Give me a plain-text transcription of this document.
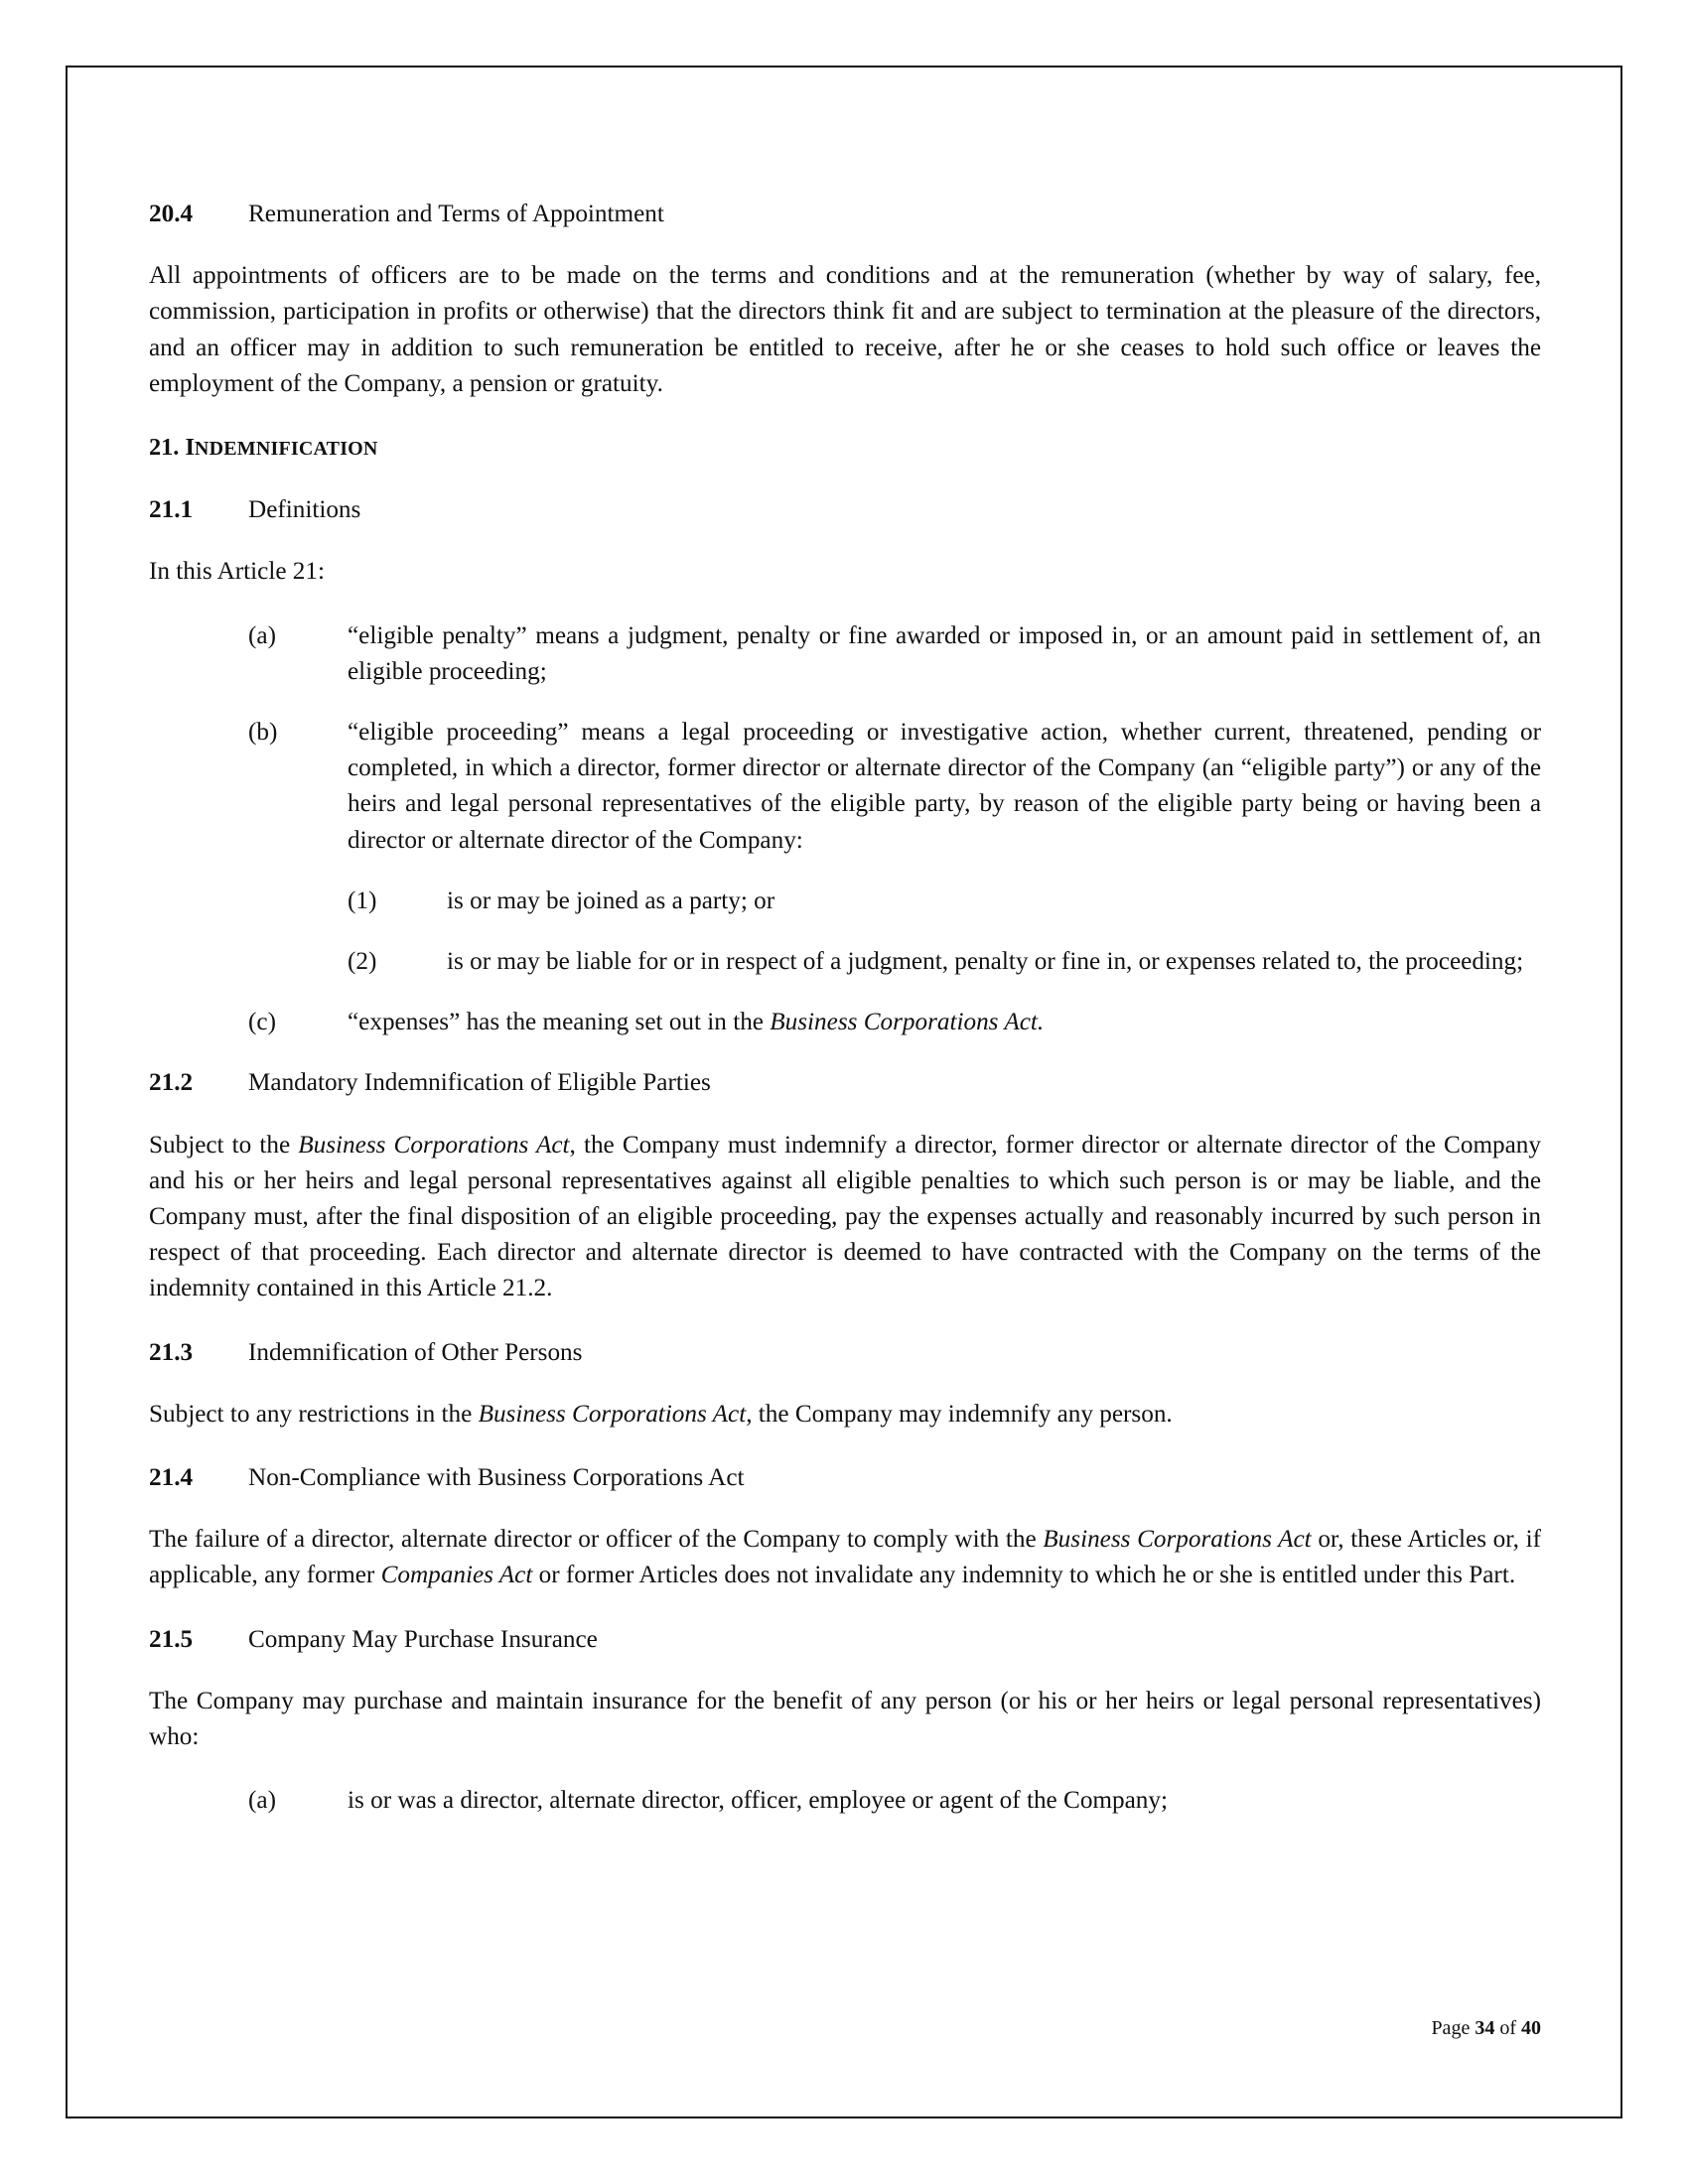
20.4 Remuneration and Terms of Appointment

All appointments of officers are to be made on the terms and conditions and at the remuneration (whether by way of salary, fee, commission, participation in profits or otherwise) that the directors think fit and are subject to termination at the pleasure of the directors, and an officer may in addition to such remuneration be entitled to receive, after he or she ceases to hold such office or leaves the employment of the Company, a pension or gratuity.

21. INDEMNIFICATION
21.1 Definitions

In this Article 21:

(a)	“eligible penalty” means a judgment, penalty or fine awarded or imposed in, or an amount paid in settlement of, an eligible proceeding;
(b)	“eligible proceeding” means a legal proceeding or investigative action, whether current, threatened, pending or completed, in which a director, former director or alternate director of the Company (an “eligible party”) or any of the heirs and legal personal representatives of the eligible party, by reason of the eligible party being or having been a director or alternate director of the Company:
(1)	is or may be joined as a party; or
(2)	is or may be liable for or in respect of a judgment, penalty or fine in, or expenses related to, the proceeding;
(c)	“expenses” has the meaning set out in the Business Corporations Act.
21.2 Mandatory Indemnification of Eligible Parties

Subject to the Business Corporations Act, the Company must indemnify a director, former director or alternate director of the Company and his or her heirs and legal personal representatives against all eligible penalties to which such person is or may be liable, and the Company must, after the final disposition of an eligible proceeding, pay the expenses actually and reasonably incurred by such person in respect of that proceeding. Each director and alternate director is deemed to have contracted with the Company on the terms of the indemnity contained in this Article 21.2.

21.3 Indemnification of Other Persons

Subject to any restrictions in the Business Corporations Act, the Company may indemnify any person.

21.4 Non-Compliance with Business Corporations Act

The failure of a director, alternate director or officer of the Company to comply with the Business Corporations Act or, these Articles or, if applicable, any former Companies Act or former Articles does not invalidate any indemnity to which he or she is entitled under this Part.

21.5 Company May Purchase Insurance

The Company may purchase and maintain insurance for the benefit of any person (or his or her heirs or legal personal representatives) who:

(a)	is or was a director, alternate director, officer, employee or agent of the Company;
Page 34 of 40
